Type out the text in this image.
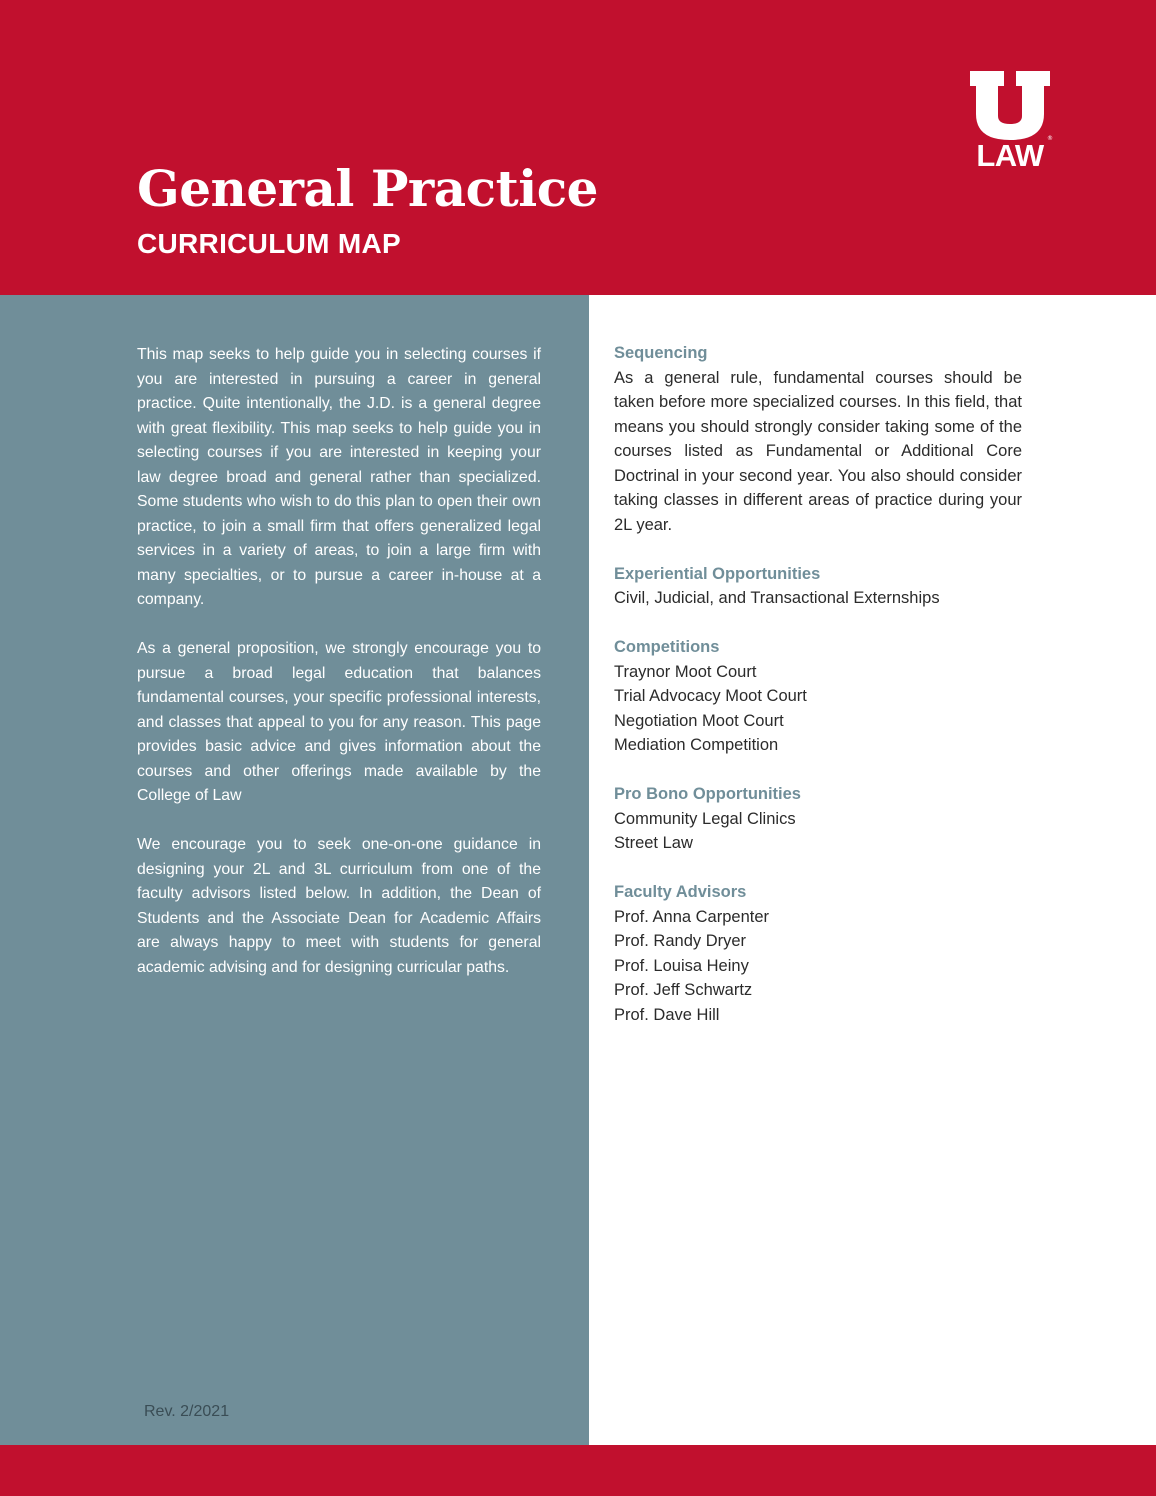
General Practice
CURRICULUM MAP
®
LAW

This map seeks to help guide you in selecting courses if you are interested in pursuing a career in general practice. Quite intentionally, the J.D. is a general degree with great flexibility. This map seeks to help guide you in selecting courses if you are interested in keeping your law degree broad and general rather than specialized. Some students who wish to do this plan to open their own practice, to join a small firm that offers generalized legal services in a variety of areas, to join a large firm with many specialties, or to pursue a career in-house at a company.

As a general proposition, we strongly encourage you to pursue a broad legal education that balances fundamental courses, your specific professional interests, and classes that appeal to you for any reason. This page provides basic advice and gives information about the courses and other offerings made available by the College of Law

We encourage you to seek one-on-one guidance in designing your 2L and 3L curriculum from one of the faculty advisors listed below. In addition, the Dean of Students and the Associate Dean for Academic Affairs are always happy to meet with students for general academic advising and for designing curricular paths.

Rev. 2/2021
Sequencing

As a general rule, fundamental courses should be taken before more specialized courses. In this field, that means you should strongly consider taking some of the courses listed as Fundamental or Additional Core Doctrinal in your second year. You also should consider taking classes in different areas of practice during your 2L year.

Experiential Opportunities
Civil, Judicial, and Transactional Externships
Competitions
Traynor Moot Court
Trial Advocacy Moot Court
Negotiation Moot Court
Mediation Competition
Pro Bono Opportunities
Community Legal Clinics
Street Law
Faculty Advisors
Prof. Anna Carpenter
Prof. Randy Dryer
Prof. Louisa Heiny
Prof. Jeff Schwartz
Prof. Dave Hill
